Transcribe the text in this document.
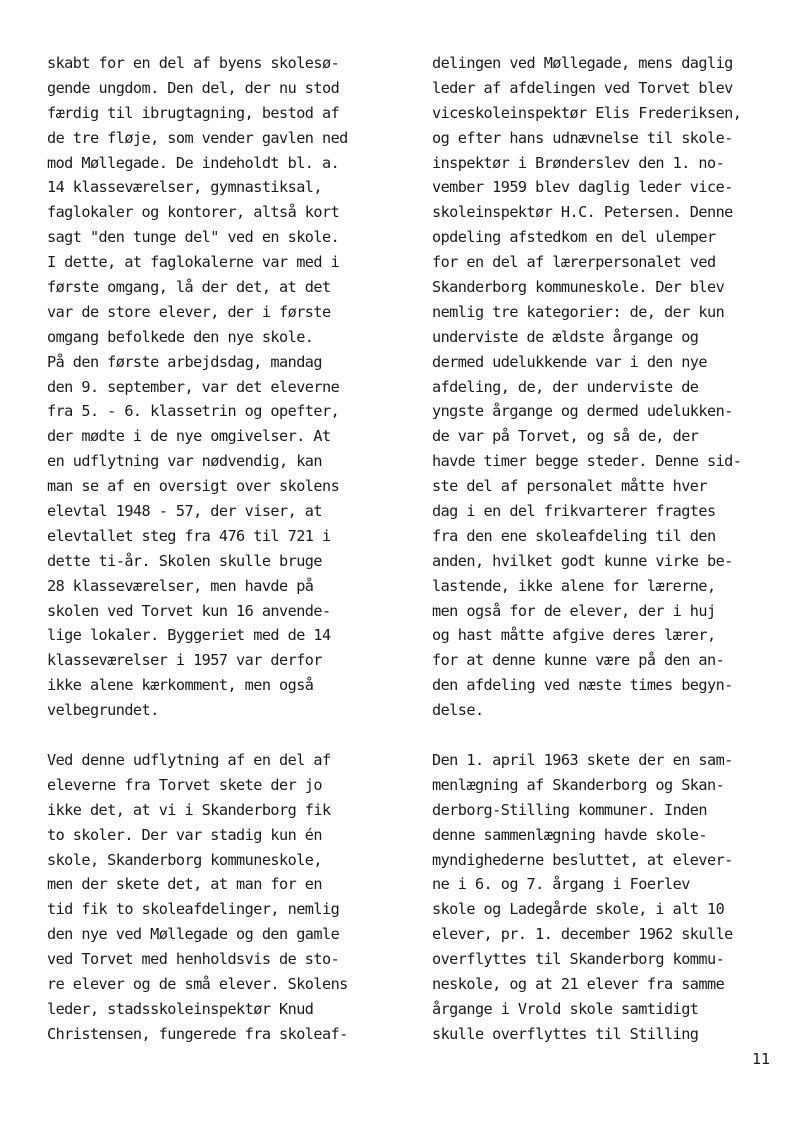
skabt for en del af byens skolesø-
gende ungdom. Den del, der nu stod
færdig til ibrugtagning, bestod af
de tre fløje, som vender gavlen ned
mod Møllegade. De indeholdt bl. a.
14 klasseværelser, gymnastiksal,
faglokaler og kontorer, altså kort
sagt "den tunge del" ved en skole.
I dette, at faglokalerne var med i
første omgang, lå der det, at det
var de store elever, der i første
omgang befolkede den nye skole.
På den første arbejdsdag, mandag
den 9. september, var det eleverne
fra 5. - 6. klassetrin og opefter,
der mødte i de nye omgivelser. At
en udflytning var nødvendig, kan
man se af en oversigt over skolens
elevtal 1948 - 57, der viser, at
elevtallet steg fra 476 til 721 i
dette ti-år. Skolen skulle bruge
28 klasseværelser, men havde på
skolen ved Torvet kun 16 anvende-
lige lokaler. Byggeriet med de 14
klasseværelser i 1957 var derfor
ikke alene kærkomment, men også
velbegrundet.
Ved denne udflytning af en del af
eleverne fra Torvet skete der jo
ikke det, at vi i Skanderborg fik
to skoler. Der var stadig kun én
skole, Skanderborg kommuneskole,
men der skete det, at man for en
tid fik to skoleafdelinger, nemlig
den nye ved Møllegade og den gamle
ved Torvet med henholdsvis de sto-
re elever og de små elever. Skolens
leder, stadsskoleinspektør Knud
Christensen, fungerede fra skoleaf-
delingen ved Møllegade, mens daglig
leder af afdelingen ved Torvet blev
viceskoleinspektør Elis Frederiksen,
og efter hans udnævnelse til skole-
inspektør i Brønderslev den 1. no-
vember 1959 blev daglig leder vice-
skoleinspektør H.C. Petersen. Denne
opdeling afstedkom en del ulemper
for en del af lærerpersonalet ved
Skanderborg kommuneskole. Der blev
nemlig tre kategorier: de, der kun
underviste de ældste årgange og
dermed udelukkende var i den nye
afdeling, de, der underviste de
yngste årgange og dermed udelukken-
de var på Torvet, og så de, der
havde timer begge steder. Denne sid-
ste del af personalet måtte hver
dag i en del frikvarterer fragtes
fra den ene skoleafdeling til den
anden, hvilket godt kunne virke be-
lastende, ikke alene for lærerne,
men også for de elever, der i huj
og hast måtte afgive deres lærer,
for at denne kunne være på den an-
den afdeling ved næste times begyn-
delse.
Den 1. april 1963 skete der en sam-
menlægning af Skanderborg og Skan-
derborg-Stilling kommuner. Inden
denne sammenlægning havde skole-
myndighederne besluttet, at elever-
ne i 6. og 7. årgang i Foerlev
skole og Ladegårde skole, i alt 10
elever, pr. 1. december 1962 skulle
overflyttes til Skanderborg kommu-
neskole, og at 21 elever fra samme
årgange i Vrold skole samtidigt
skulle overflyttes til Stilling
11
